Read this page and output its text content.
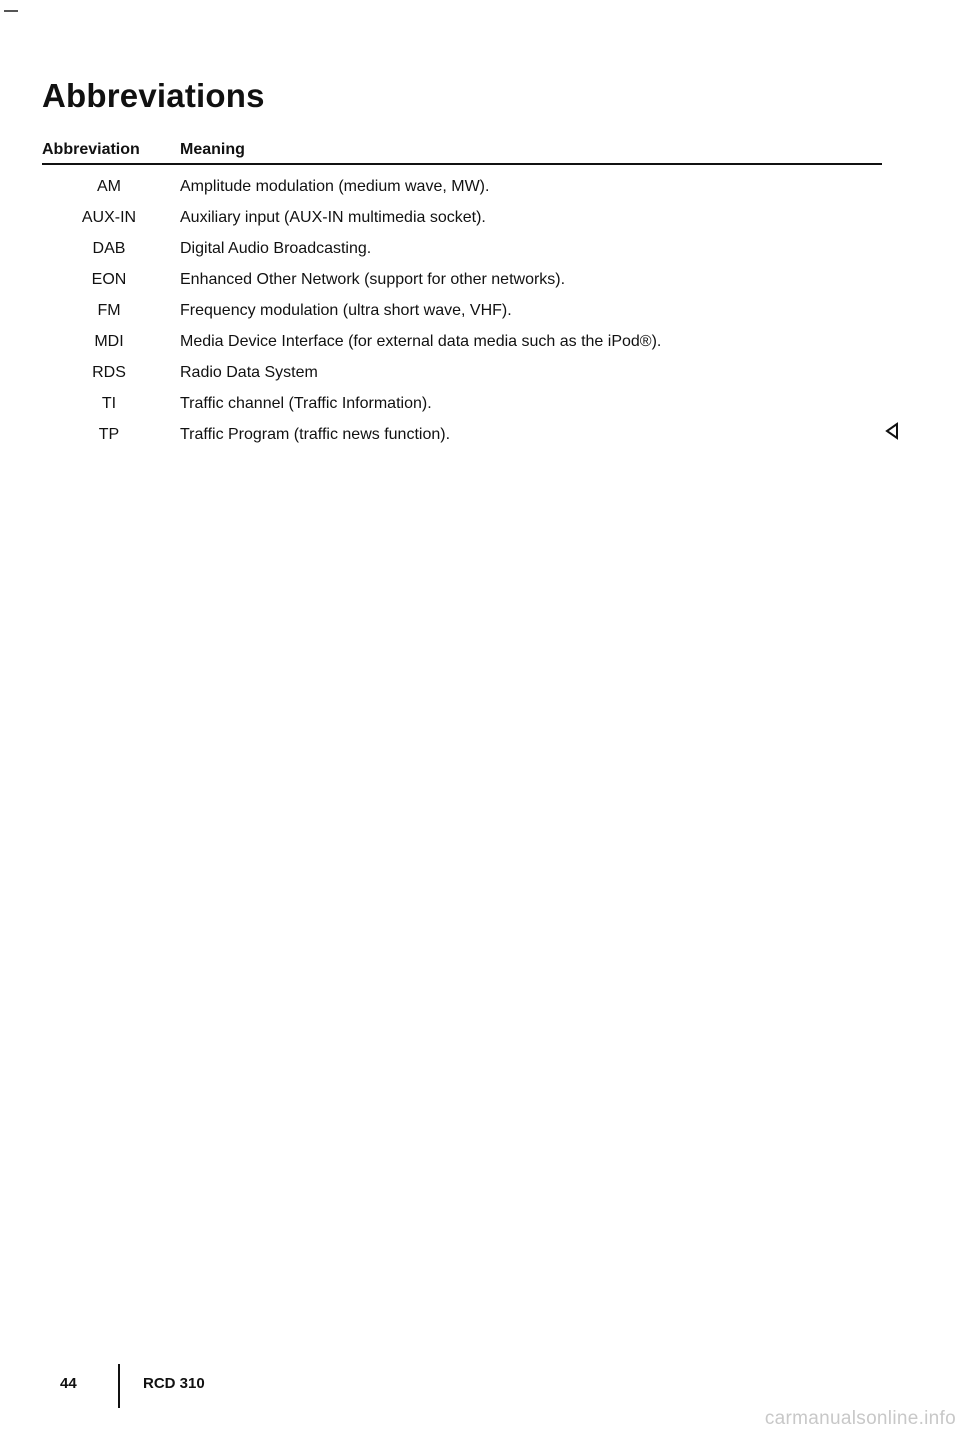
Abbreviations
Abbreviation	Meaning
AM	Amplitude modulation (medium wave, MW).
AUX-IN	Auxiliary input (AUX-IN multimedia socket).
DAB	Digital Audio Broadcasting.
EON	Enhanced Other Network (support for other networks).
FM	Frequency modulation (ultra short wave, VHF).
MDI	Media Device Interface (for external data media such as the iPod®).
RDS	Radio Data System
TI	Traffic channel (Traffic Information).
TP	Traffic Program (traffic news function).
44	RCD 310
carmanualsonline.info
